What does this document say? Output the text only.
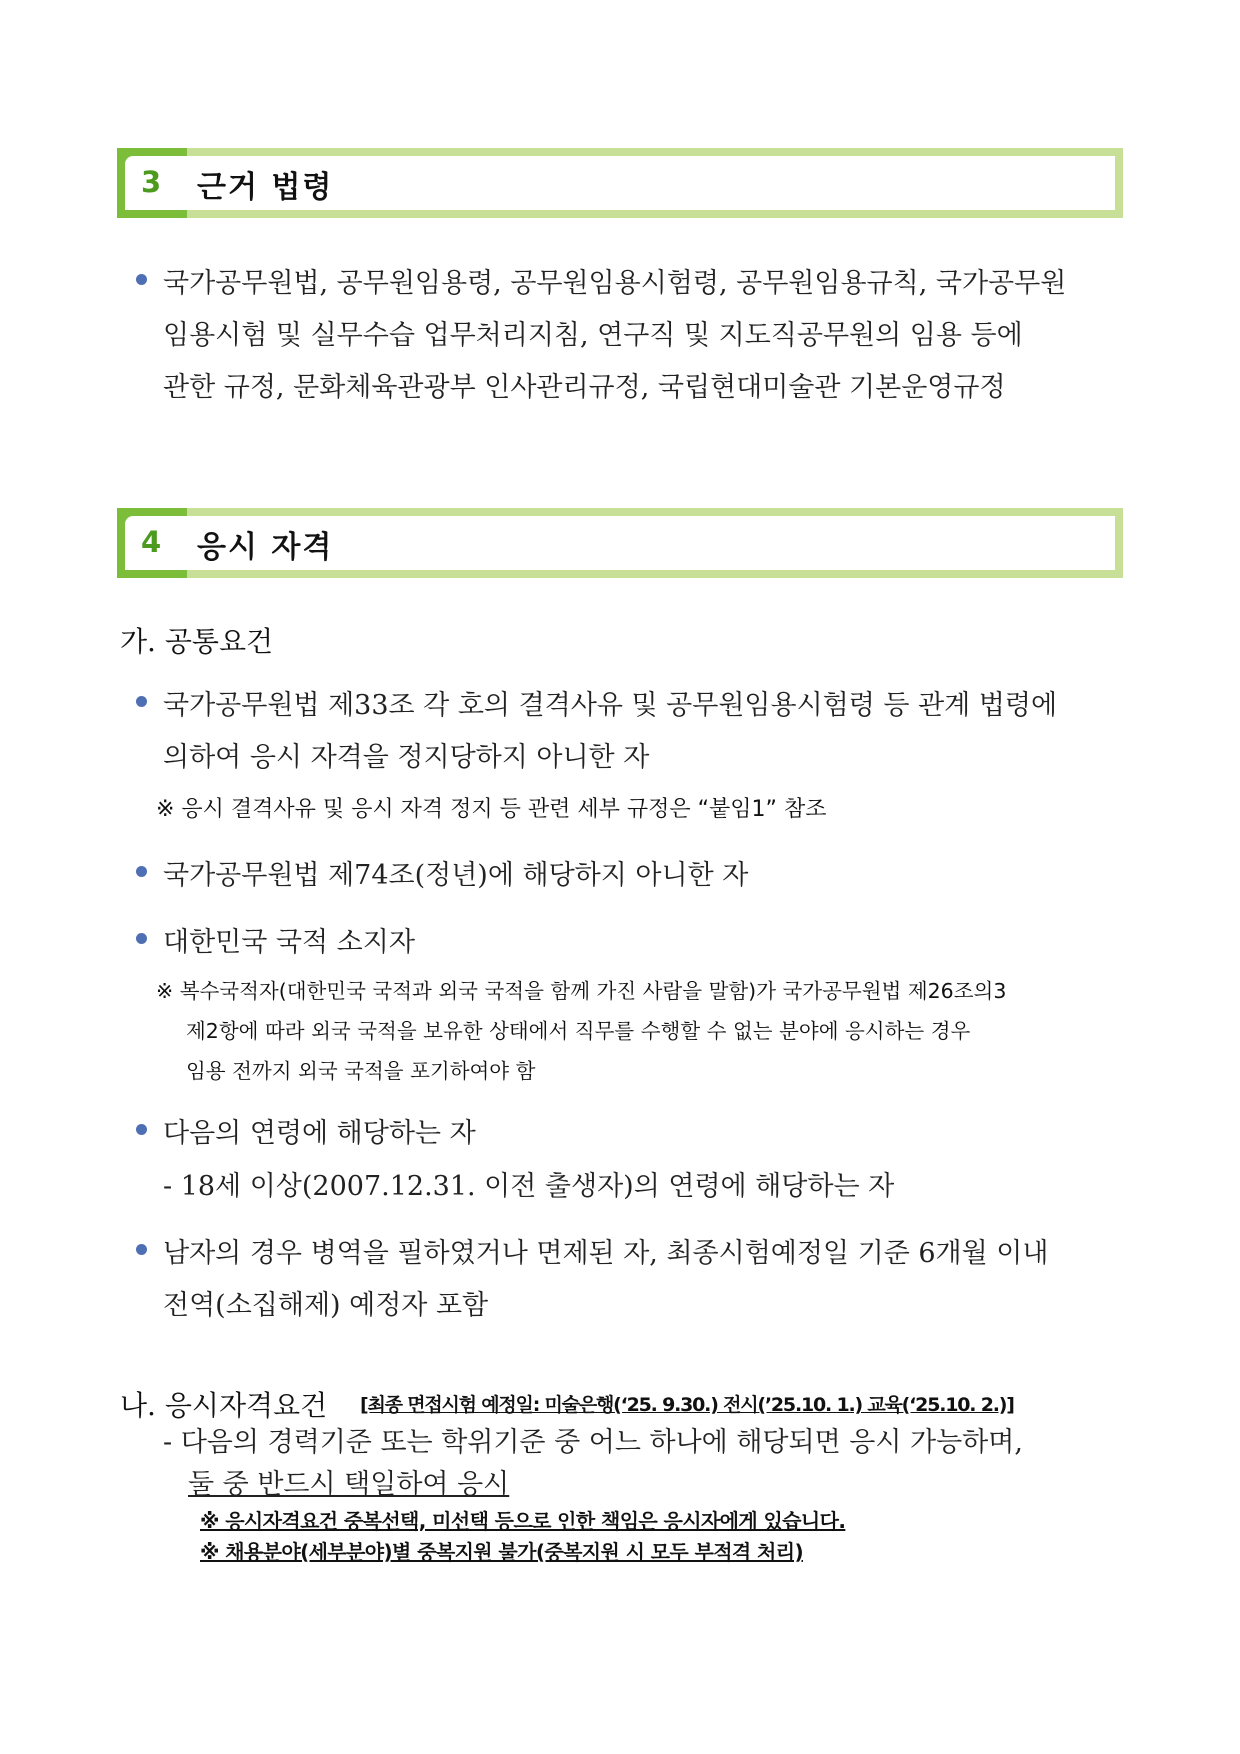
3 근거 법령
국가공무원법, 공무원임용령, 공무원임용시험령, 공무원임용규칙, 국가공무원
임용시험 및 실무수습 업무처리지침, 연구직 및 지도직공무원의 임용 등에
관한 규정, 문화체육관광부 인사관리규정, 국립현대미술관 기본운영규정
4 응시 자격
가. 공통요건
국가공무원법 제33조 각 호의 결격사유 및 공무원임용시험령 등 관계 법령에
의하여 응시 자격을 정지당하지 아니한 자
※ 응시 결격사유 및 응시 자격 정지 등 관련 세부 규정은 “붙임1” 참조
국가공무원법 제74조(정년)에 해당하지 아니한 자
대한민국 국적 소지자
※ 복수국적자(대한민국 국적과 외국 국적을 함께 가진 사람을 말함)가 국가공무원법 제26조의3
제2항에 따라 외국 국적을 보유한 상태에서 직무를 수행할 수 없는 분야에 응시하는 경우
임용 전까지 외국 국적을 포기하여야 함
다음의 연령에 해당하는 자
- 18세 이상(2007.12.31. 이전 출생자)의 연령에 해당하는 자
남자의 경우 병역을 필하였거나 면제된 자, 최종시험예정일 기준 6개월 이내
전역(소집해제) 예정자 포함
나. 응시자격요건 [최종 면접시험 예정일: 미술은행(‘25. 9.30.) 전시(’25.10. 1.) 교육(‘25.10. 2.)]
- 다음의 경력기준 또는 학위기준 중 어느 하나에 해당되면 응시 가능하며,
둘 중 반드시 택일하여 응시
※ 응시자격요건 중복선택, 미선택 등으로 인한 책임은 응시자에게 있습니다.
※ 채용분야(세부분야)별 중복지원 불가(중복지원 시 모두 부적격 처리)
